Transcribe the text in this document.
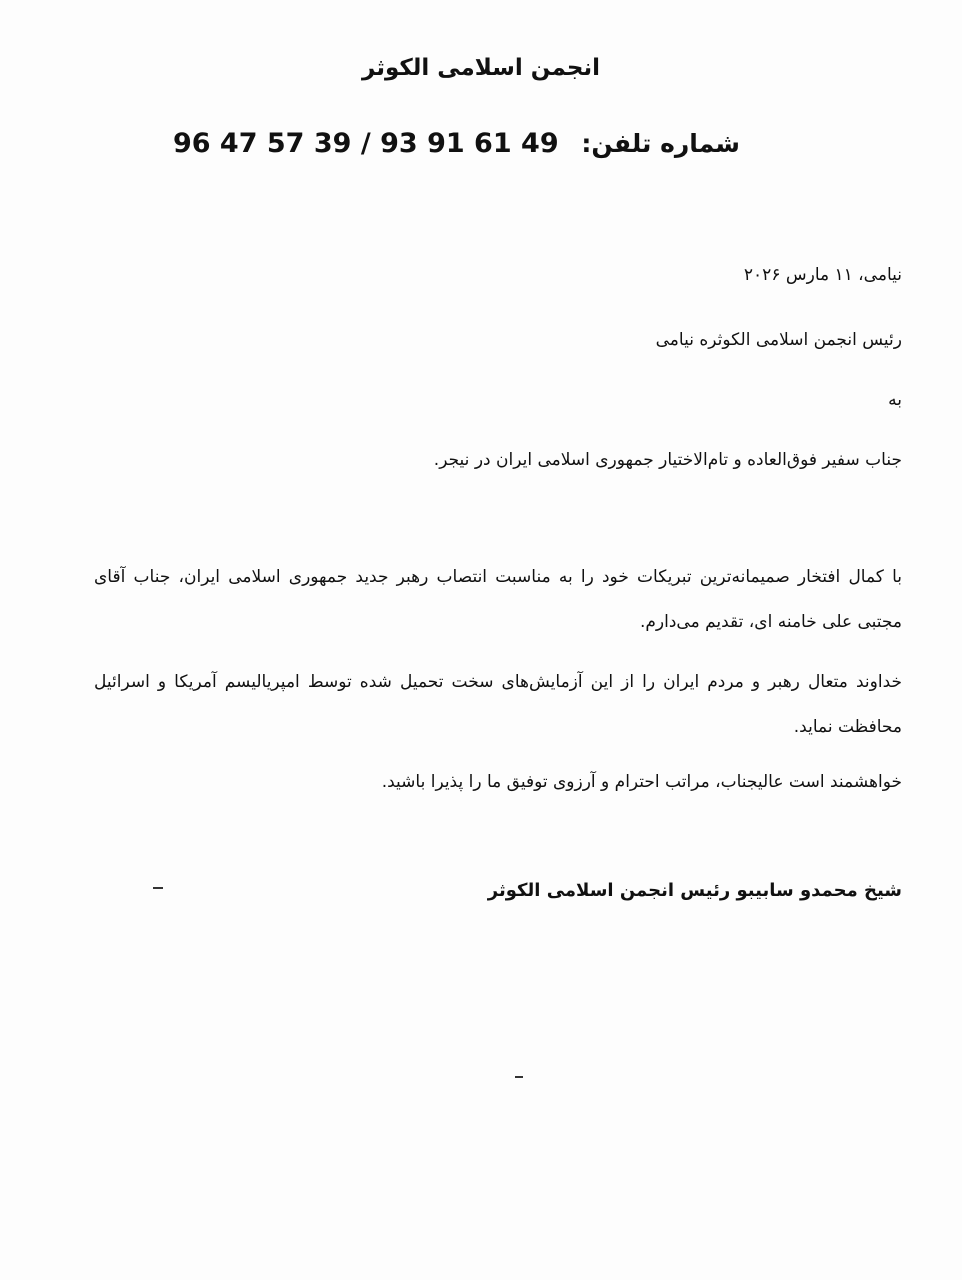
انجمن اسلامی الکوثر
شماره تلفن: 96 47 57 39 / 93 91 61 49
نیامی، ۱۱ مارس ۲۰۲۶
رئیس انجمن اسلامی الکوثره نیامی
به
جناب سفیر فوق‌العاده و تام‌الاختیار جمهوری اسلامی ایران در نیجر.
با کمال افتخار صمیمانه‌ترین تبریکات خود را به مناسبت انتصاب رهبر جدید جمهوری اسلامی ایران، جناب آقای مجتبی علی خامنه ای، تقدیم می‌دارم.
خداوند متعال رهبر و مردم ایران را از این آزمایش‌های سخت تحمیل شده توسط امپریالیسم آمریکا و اسرائیل محافظت نماید.
خواهشمند است عالیجناب، مراتب احترام و آرزوی توفیق ما را پذیرا باشید.
شیخ محمدو سابیبو رئیس انجمن اسلامی الکوثر
